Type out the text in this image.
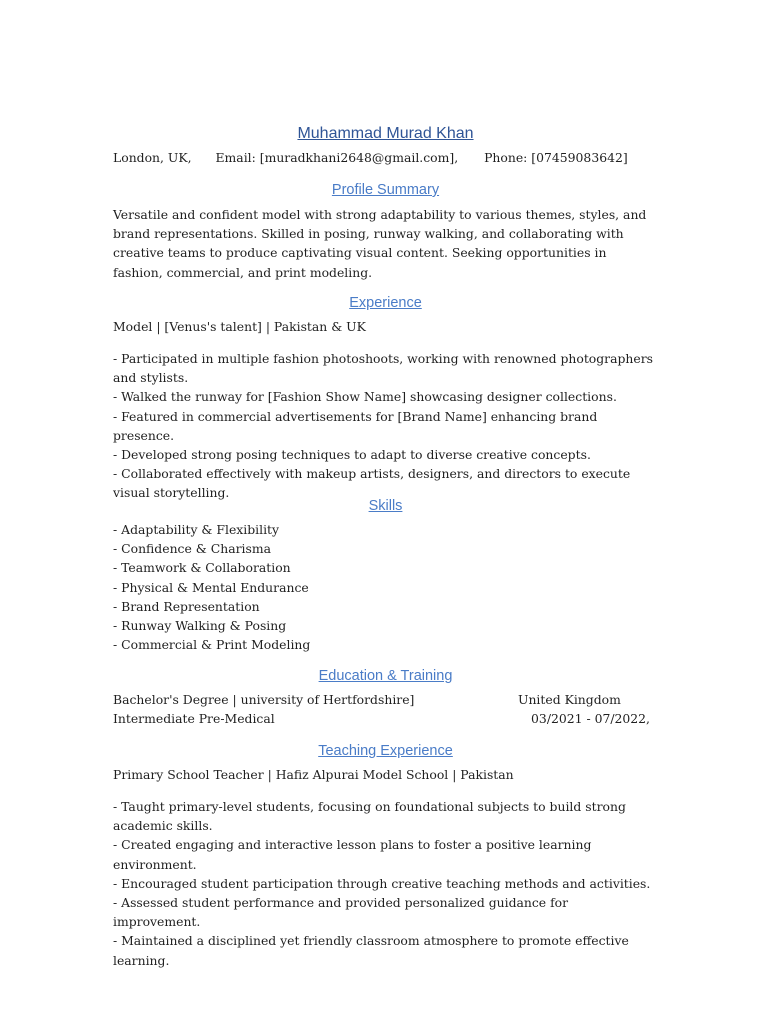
Muhammad Murad Khan
London, UK, Email: [muradkhani2648@gmail.com], Phone: [07459083642]
Profile Summary

Versatile and confident model with strong adaptability to various themes, styles, and brand representations. Skilled in posing, runway walking, and collaborating with creative teams to produce captivating visual content. Seeking opportunities in fashion, commercial, and print modeling.

Experience

Model | [Venus's talent] | Pakistan & UK

- Participated in multiple fashion photoshoots, working with renowned photographers and stylists.

- Walked the runway for [Fashion Show Name] showcasing designer collections.

- Featured in commercial advertisements for [Brand Name] enhancing brand presence.

- Developed strong posing techniques to adapt to diverse creative concepts.

- Collaborated effectively with makeup artists, designers, and directors to execute visual storytelling.

Skills

- Adaptability & Flexibility

- Confidence & Charisma

- Teamwork & Collaboration

- Physical & Mental Endurance

- Brand Representation

- Runway Walking & Posing

- Commercial & Print Modeling

Education & Training
Bachelor's Degree | university of Hertfordshire]	United Kingdom
Intermediate Pre-Medical	03/2021 - 07/2022,
Teaching Experience

Primary School Teacher | Hafiz Alpurai Model School | Pakistan

- Taught primary-level students, focusing on foundational subjects to build strong academic skills.

- Created engaging and interactive lesson plans to foster a positive learning environment.

- Encouraged student participation through creative teaching methods and activities.

- Assessed student performance and provided personalized guidance for improvement.

- Maintained a disciplined yet friendly classroom atmosphere to promote effective learning.
